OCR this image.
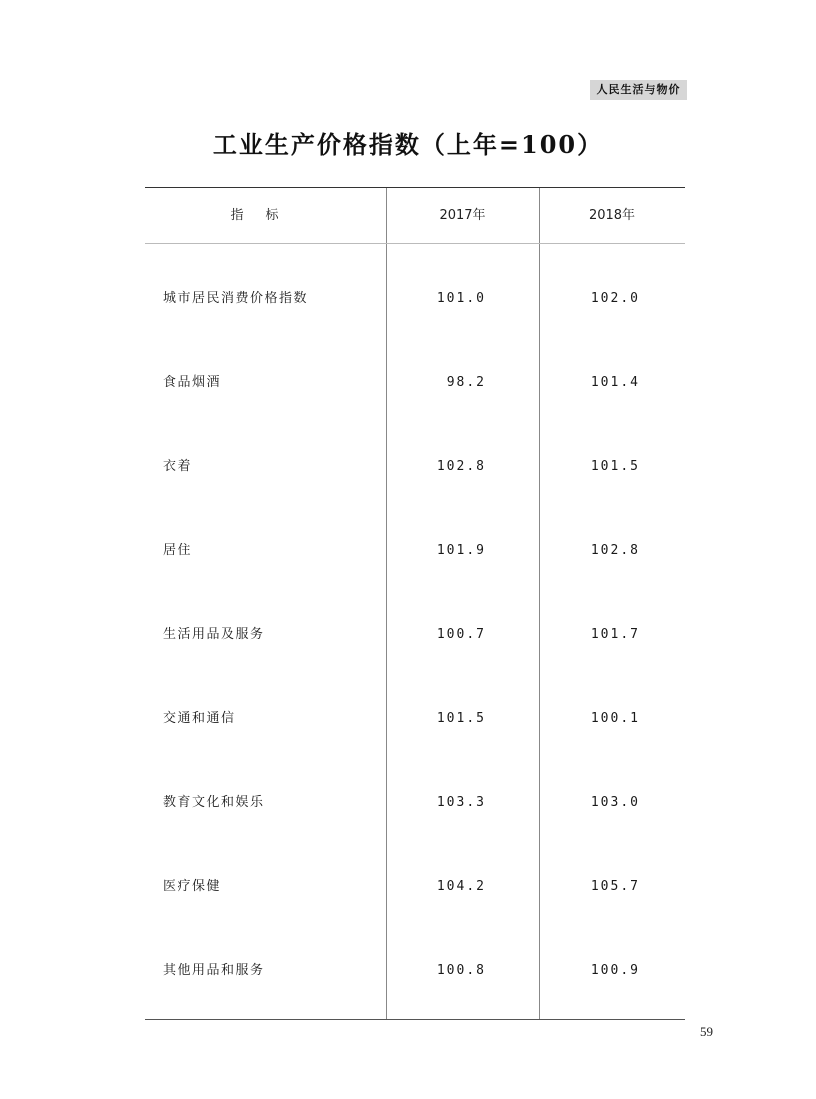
人民生活与物价
工业生产价格指数（上年=100）
指标	2017年	2018年
城市居民消费价格指数	101.0	102.0
食品烟酒	98.2	101.4
衣着	102.8	101.5
居住	101.9	102.8
生活用品及服务	100.7	101.7
交通和通信	101.5	100.1
教育文化和娱乐	103.3	103.0
医疗保健	104.2	105.7
其他用品和服务	100.8	100.9
59
